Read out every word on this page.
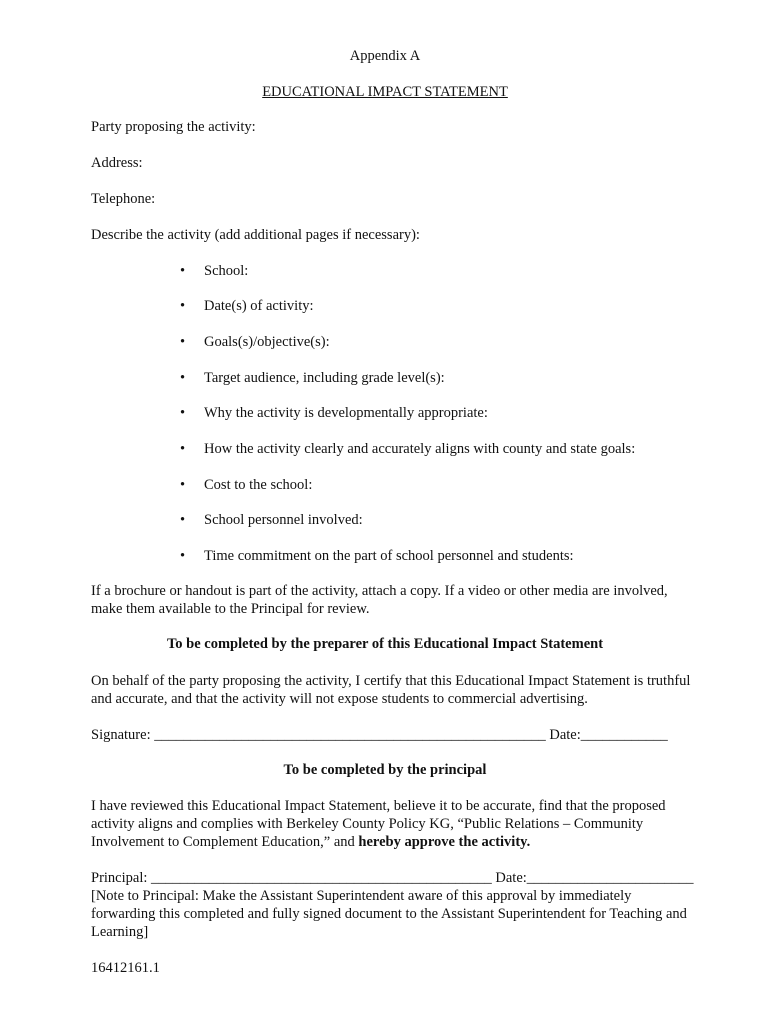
Appendix A
EDUCATIONAL IMPACT STATEMENT
Party proposing the activity:
Address:
Telephone:
Describe the activity (add additional pages if necessary):
• School:
• Date(s) of activity:
• Goals(s)/objective(s):
• Target audience, including grade level(s):
• Why the activity is developmentally appropriate:
• How the activity clearly and accurately aligns with county and state goals:
• Cost to the school:
• School personnel involved:
• Time commitment on the part of school personnel and students:
If a brochure or handout is part of the activity, attach a copy. If a video or other media are involved,
make them available to the Principal for review.
To be completed by the preparer of this Educational Impact Statement
On behalf of the party proposing the activity, I certify that this Educational Impact Statement is truthful
and accurate, and that the activity will not expose students to commercial advertising.
Signature: ______________________________________________________ Date:____________
To be completed by the principal
I have reviewed this Educational Impact Statement, believe it to be accurate, find that the proposed
activity aligns and complies with Berkeley County Policy KG, “Public Relations – Community
Involvement to Complement Education,” and hereby approve the activity.
Principal: _______________________________________________ Date:_______________________
[Note to Principal: Make the Assistant Superintendent aware of this approval by immediately
forwarding this completed and fully signed document to the Assistant Superintendent for Teaching and
Learning]
16412161.1
